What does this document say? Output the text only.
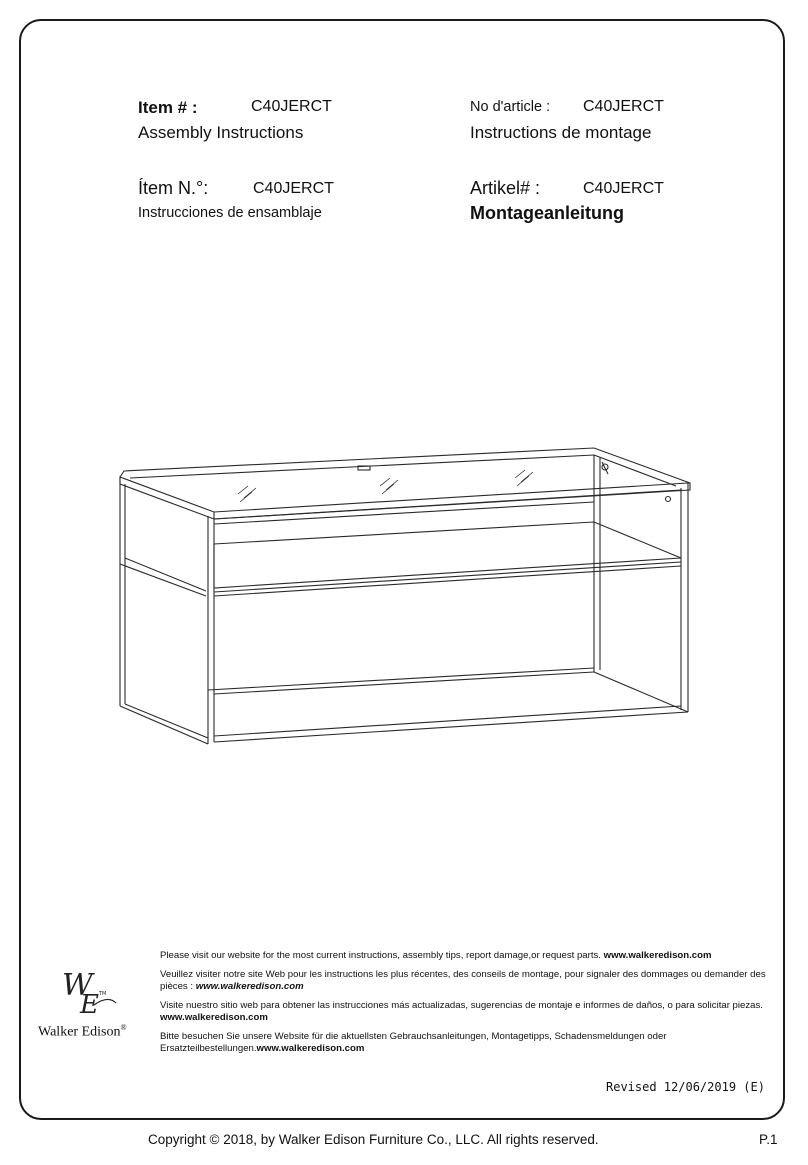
Item # :	C40JERCT
Assembly Instructions
No d'article : C40JERCT
Instructions de montage
Ítem N.°:	C40JERCT
Instrucciones de ensamblaje
Artikel# :	C40JERCT
Montageanleitung

Please visit our website for the most current instructions, assembly tips, report damage,or request parts. www.walkeredison.com

Veuillez visiter notre site Web pour les instructions les plus récentes, des conseils de montage, pour signaler des dommages ou demander des pièces : www.walkeredison.com

Visite nuestro sitio web para obtener las instrucciones más actualizadas, sugerencias de montaje e informes de daños, o para solicitar piezas. www.walkeredison.com

Bitte besuchen Sie unsere Website für die aktuellsten Gebrauchsanleitungen, Montagetipps, Schadensmeldungen oder Ersatzteilbestellungen.www.walkeredison.com

W
E TM
Walker Edison®
Revised 12/06/2019 (E)
Copyright © 2018, by Walker Edison Furniture Co., LLC. All rights reserved.	P.1
